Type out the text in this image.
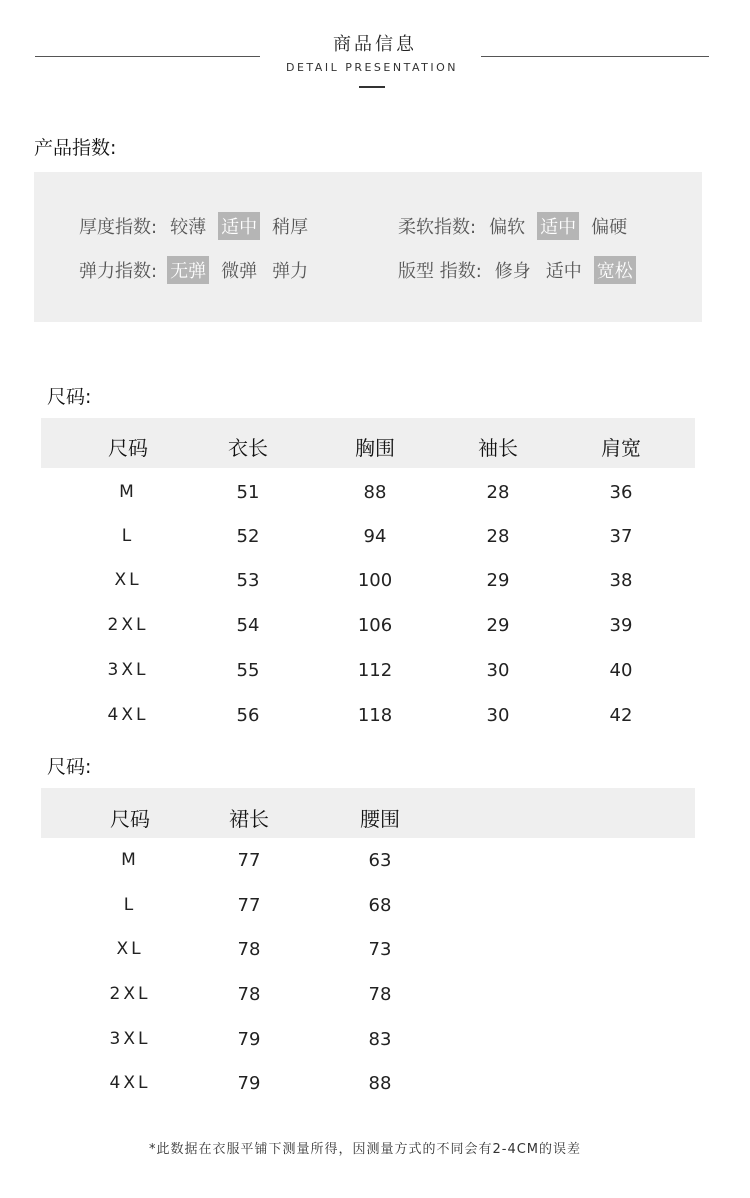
商品信息
DETAIL PRESENTATION
产品指数:
厚度指数: 较薄 适中 稍厚	柔软指数: 偏软 适中 偏硬
弹力指数: 无弹 微弹 弹力	版型 指数: 修身 适中 宽松
尺码:
尺码	衣长	胸围	袖长	肩宽
M	51	88	28	36
L	52	94	28	37
XL	53	100	29	38
2XL	54	106	29	39
3XL	55	112	30	40
4XL	56	118	30	42
尺码:
尺码	裙长	腰围
M	77	63
L	77	68
XL	78	73
2XL	78	78
3XL	79	83
4XL	79	88
*此数据在衣服平铺下测量所得，因测量方式的不同会有2-4CM的误差
